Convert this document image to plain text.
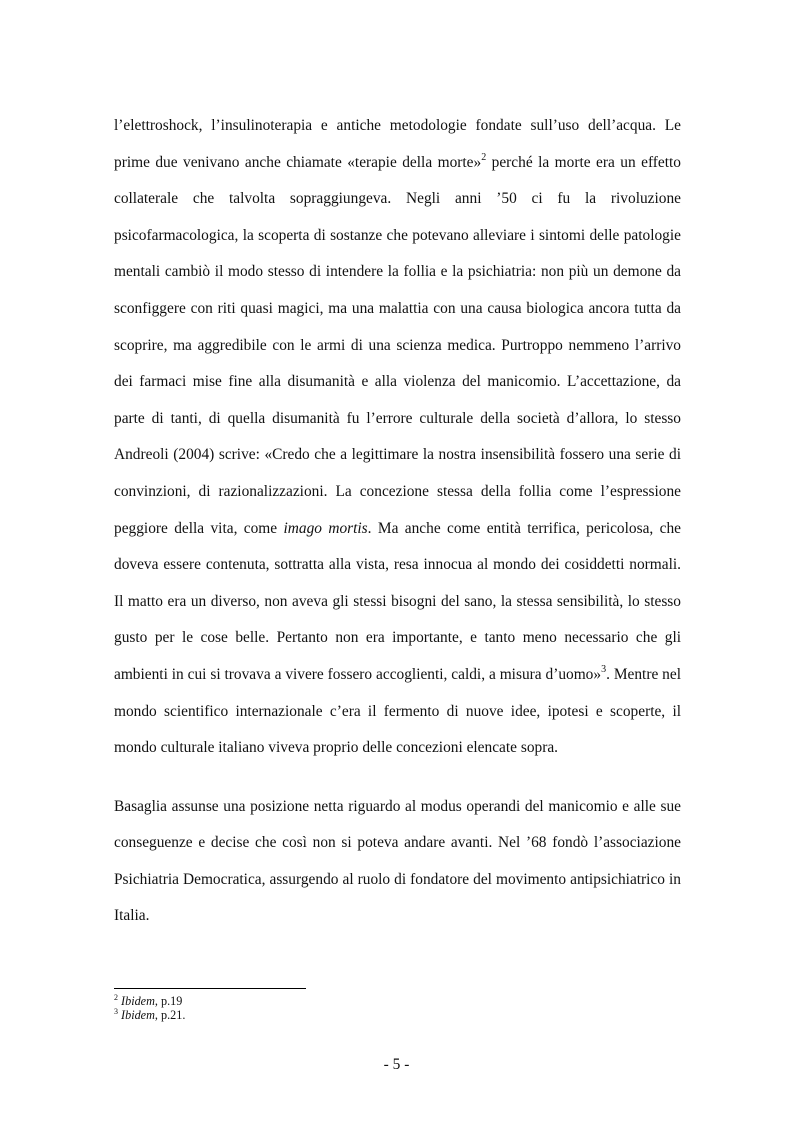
l’elettroshock, l’insulinoterapia e antiche metodologie fondate sull’uso dell’acqua. Le prime due venivano anche chiamate «terapie della morte»$^2$ perché la morte era un effetto collaterale che talvolta sopraggiungeva. Negli anni ’50 ci fu la rivoluzione psicofarmacologica, la scoperta di sostanze che potevano alleviare i sintomi delle patologie mentali cambiò il modo stesso di intendere la follia e la psichiatria: non più un demone da sconfiggere con riti quasi magici, ma una malattia con una causa biologica ancora tutta da scoprire, ma aggredibile con le armi di una scienza medica. Purtroppo nemmeno l’arrivo dei farmaci mise fine alla disumanità e alla violenza del manicomio. L’accettazione, da parte di tanti, di quella disumanità fu l’errore culturale della società d’allora, lo stesso Andreoli (2004) scrive: «Credo che a legittimare la nostra insensibilità fossero una serie di convinzioni, di razionalizzazioni. La concezione stessa della follia come l’espressione peggiore della vita, come imago mortis. Ma anche come entità terrifica, pericolosa, che doveva essere contenuta, sottratta alla vista, resa innocua al mondo dei cosiddetti normali. Il matto era un diverso, non aveva gli stessi bisogni del sano, la stessa sensibilità, lo stesso gusto per le cose belle. Pertanto non era importante, e tanto meno necessario che gli ambienti in cui si trovava a vivere fossero accoglienti, caldi, a misura d’uomo»$^3$. Mentre nel mondo scientifico internazionale c’era il fermento di nuove idee, ipotesi e scoperte, il mondo culturale italiano viveva proprio delle concezioni elencate sopra.

Basaglia assunse una posizione netta riguardo al modus operandi del manicomio e alle sue conseguenze e decise che così non si poteva andare avanti. Nel ’68 fondò l’associazione Psichiatria Democratica, assurgendo al ruolo di fondatore del movimento antipsichiatrico in Italia.

$^2$ Ibidem, p.19

$^3$ Ibidem, p.21.

- 5 -
